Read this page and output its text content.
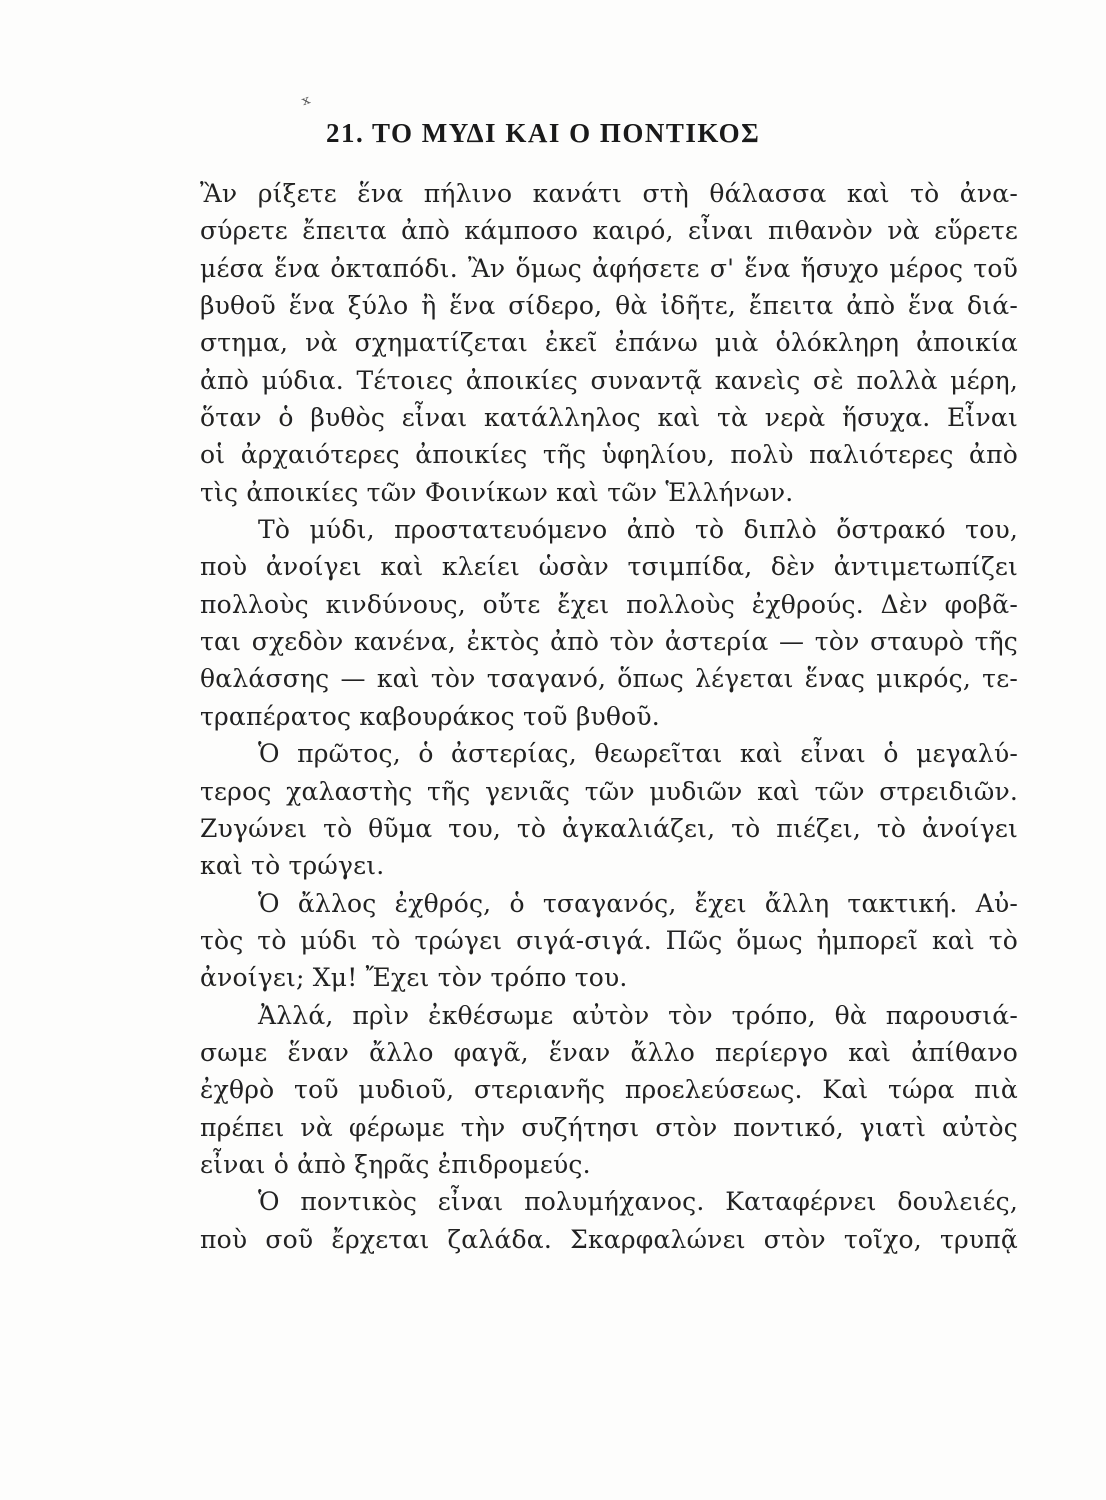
ˣ
21. ΤΟ ΜΥΔΙ ΚΑΙ Ο ΠΟΝΤΙΚΟΣ
Ἂν ρίξετε ἕνα πήλινο κανάτι στὴ θάλασσα καὶ τὸ ἀνα-
σύρετε ἔπειτα ἀπὸ κάμποσο καιρό, εἶναι πιθανὸν νὰ εὕρετε
μέσα ἕνα ὀκταπόδι. Ἂν ὅμως ἀφήσετε σ' ἕνα ἥσυχο μέρος τοῦ
βυθοῦ ἕνα ξύλο ἢ ἕνα σίδερο, θὰ ἰδῆτε, ἔπειτα ἀπὸ ἕνα διά-
στημα, νὰ σχηματίζεται ἐκεῖ ἐπάνω μιὰ ὁλόκληρη ἀποικία
ἀπὸ μύδια. Τέτοιες ἀποικίες συναντᾷ κανεὶς σὲ πολλὰ μέρη,
ὅταν ὁ βυθὸς εἶναι κατάλληλος καὶ τὰ νερὰ ἥσυχα. Εἶναι
οἱ ἀρχαιότερες ἀποικίες τῆς ὑφηλίου, πολὺ παλιότερες ἀπὸ
τὶς ἀποικίες τῶν Φοινίκων καὶ τῶν Ἑλλήνων.
Τὸ μύδι, προστατευόμενο ἀπὸ τὸ διπλὸ ὄστρακό του,
ποὺ ἀνοίγει καὶ κλείει ὡσὰν τσιμπίδα, δὲν ἀντιμετωπίζει
πολλοὺς κινδύνους, οὔτε ἔχει πολλοὺς ἐχθρούς. Δὲν φοβᾶ-
ται σχεδὸν κανένα, ἐκτὸς ἀπὸ τὸν ἀστερία — τὸν σταυρὸ τῆς
θαλάσσης — καὶ τὸν τσαγανό, ὅπως λέγεται ἕνας μικρός, τε-
τραπέρατος καβουράκος τοῦ βυθοῦ.
Ὁ πρῶτος, ὁ ἀστερίας, θεωρεῖται καὶ εἶναι ὁ μεγαλύ-
τερος χαλαστὴς τῆς γενιᾶς τῶν μυδιῶν καὶ τῶν στρειδιῶν.
Ζυγώνει τὸ θῦμα του, τὸ ἀγκαλιάζει, τὸ πιέζει, τὸ ἀνοίγει
καὶ τὸ τρώγει.
Ὁ ἄλλος ἐχθρός, ὁ τσαγανός, ἔχει ἄλλη τακτική. Αὐ-
τὸς τὸ μύδι τὸ τρώγει σιγά-σιγά. Πῶς ὅμως ἠμπορεῖ καὶ τὸ
ἀνοίγει; Χμ! Ἔχει τὸν τρόπο του.
Ἀλλά, πρὶν ἐκθέσωμε αὐτὸν τὸν τρόπο, θὰ παρουσιά-
σωμε ἕναν ἄλλο φαγᾶ, ἕναν ἄλλο περίεργο καὶ ἀπίθανο
ἐχθρὸ τοῦ μυδιοῦ, στεριανῆς προελεύσεως. Καὶ τώρα πιὰ
πρέπει νὰ φέρωμε τὴν συζήτησι στὸν ποντικό, γιατὶ αὐτὸς
εἶναι ὁ ἀπὸ ξηρᾶς ἐπιδρομεύς.
Ὁ ποντικὸς εἶναι πολυμήχανος. Καταφέρνει δουλειές,
ποὺ σοῦ ἔρχεται ζαλάδα. Σκαρφαλώνει στὸν τοῖχο, τρυπᾷ
